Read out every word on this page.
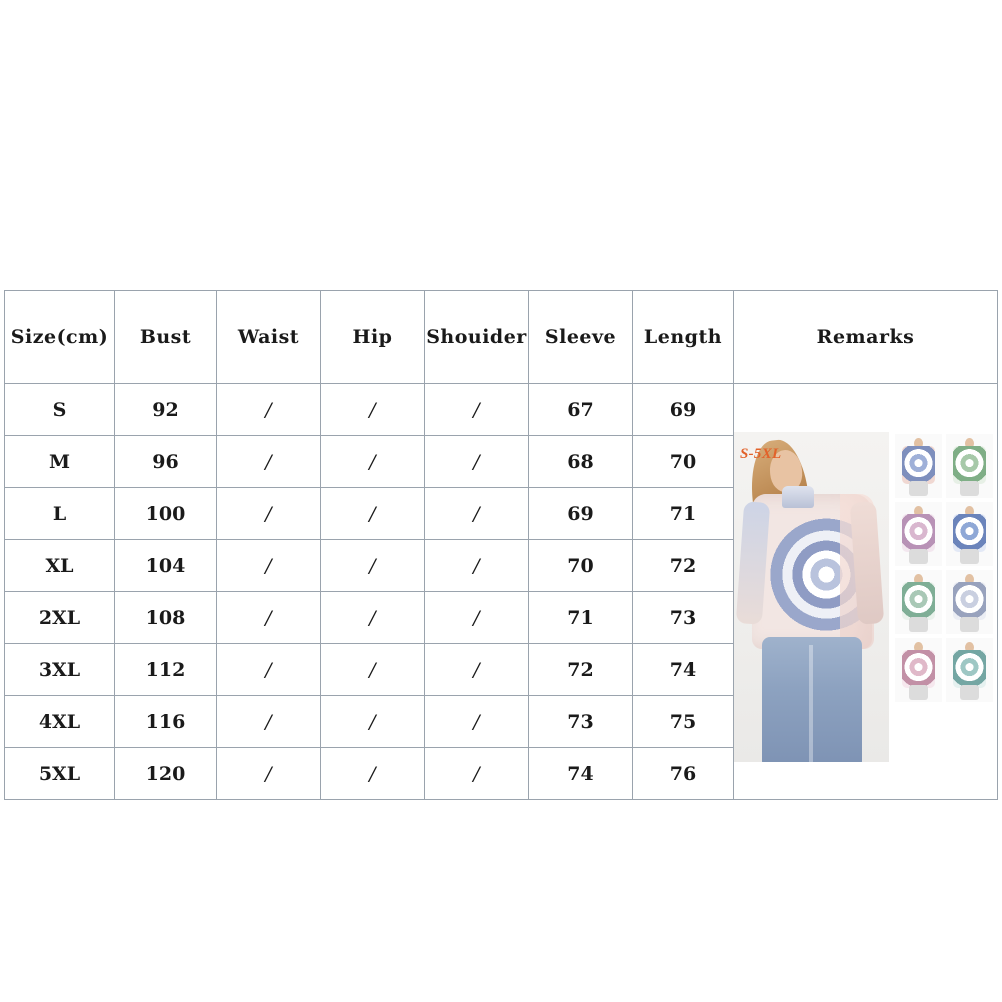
Size(cm)	Bust	Waist	Hip	Shouider	Sleeve	Length	Remarks
S	92	/	/	/	67	69	S-5XL

M	96	/	/	/	68	70	
L	100	/	/	/	69	71	
XL	104	/	/	/	70	72	
2XL	108	/	/	/	71	73	
3XL	112	/	/	/	72	74	
4XL	116	/	/	/	73	75	
5XL	120	/	/	/	74	76	
